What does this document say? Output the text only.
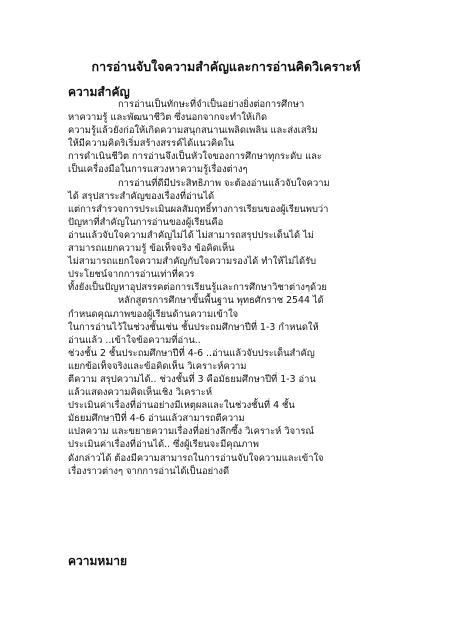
การอ่านจับใจความสำคัญและการอ่านคิดวิเคราะห์
ความสำคัญ
การอ่านเป็นทักษะที่จำเป็นอย่างยิ่งต่อการศึกษา
หาความรู้ และพัฒนาชีวิต ซึ่งนอกจากจะทำให้เกิด
ความรู้แล้วยังก่อให้เกิดความสนุกสนานเพลิดเพลิน และส่งเสริม
ให้มีความคิดริเริ่มสร้างสรรค์ได้แนวคิดใน
การดำเนินชีวิต การอ่านจึงเป็นหัวใจของการศึกษาทุกระดับ และ
เป็นเครื่องมือในการแสวงหาความรู้เรื่องต่างๆ
การอ่านที่ดีมีประสิทธิภาพ จะต้องอ่านแล้วจับใจความ
ได้ สรุปสาระสำคัญของเรื่องที่อ่านได้
แต่การสำรวจการประเมินผลสัมฤทธิ์ทางการเรียนของผู้เรียนพบว่า
ปัญหาที่สำคัญในการอ่านของผู้เรียนคือ
อ่านแล้วจับใจความสำคัญไม่ได้ ไม่สามารถสรุปประเด็นได้ ไม่
สามารถแยกความรู้ ข้อเท็จจริง ข้อคิดเห็น
ไม่สามารถแยกใจความสำคัญกับใจความรองได้ ทำให้ไม่ได้รับ
ประโยชน์จากการอ่านเท่าที่ควร
ทั้งยังเป็นปัญหาอุปสรรคต่อการเรียนรู้และการศึกษาวิชาต่างๆด้วย
หลักสูตรการศึกษาขั้นพื้นฐาน พุทธศักราช 2544 ได้
กำหนดคุณภาพของผู้เรียนด้านความเข้าใจ
ในการอ่านไว้ในช่วงชั้นเช่น ชั้นประถมศึกษาปีที่ 1-3 กำหนดให้
อ่านแล้ว ..เข้าใจข้อความที่อ่าน..
ช่วงชั้น 2 ชั้นประถมศึกษาปีที่ 4-6 ..อ่านแล้วจับประเด็นสำคัญ
แยกข้อเท็จจริงและข้อคิดเห็น วิเคราะห์ความ
ตีความ สรุปความได้.. ช่วงชั้นที่ 3 คือมัธยมศึกษาปีที่ 1-3 อ่าน
แล้วแสดงความคิดเห็นเชิง วิเคราะห์
ประเมินค่าเรื่องที่อ่านอย่างมีเหตุผลและในช่วงชั้นที่ 4 ชั้น
มัธยมศึกษาปีที่ 4-6 อ่านแล้วสามารถตีความ
แปลความ และขยายความเรื่องที่อย่างลึกซึ้ง วิเคราะห์ วิจารณ์
ประเมินค่าเรื่องที่อ่านได้.. ซึ่งผู้เรียนจะมีคุณภาพ
ดังกล่าวได้ ต้องมีความสามารถในการอ่านจับใจความและเข้าใจ
เรื่องราวต่างๆ จากการอ่านได้เป็นอย่างดี
ความหมาย
